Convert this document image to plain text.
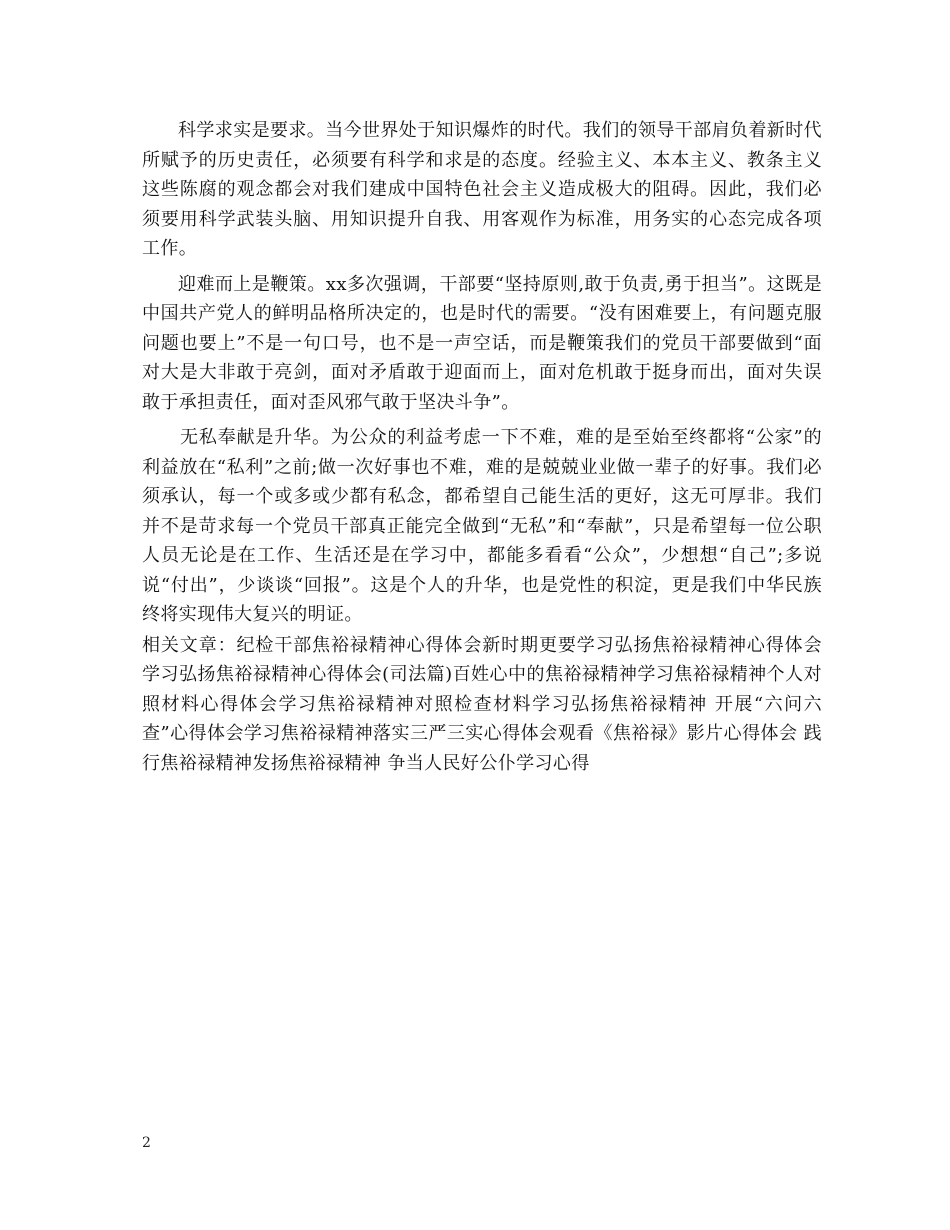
科学求实是要求。当今世界处于知识爆炸的时代。我们的领导干部肩负着新时代所赋予的历史责任，必须要有科学和求是的态度。经验主义、本本主义、教条主义这些陈腐的观念都会对我们建成中国特色社会主义造成极大的阻碍。因此，我们必须要用科学武装头脑、用知识提升自我、用客观作为标准，用务实的心态完成各项工作。

迎难而上是鞭策。xx多次强调，干部要“坚持原则,敢于负责,勇于担当”。这既是中国共产党人的鲜明品格所决定的，也是时代的需要。“没有困难要上，有问题克服问题也要上”不是一句口号，也不是一声空话，而是鞭策我们的党员干部要做到“面对大是大非敢于亮剑，面对矛盾敢于迎面而上，面对危机敢于挺身而出，面对失误敢于承担责任，面对歪风邪气敢于坚决斗争”。

无私奉献是升华。为公众的利益考虑一下不难，难的是至始至终都将“公家”的利益放在“私利”之前;做一次好事也不难，难的是兢兢业业做一辈子的好事。我们必须承认，每一个或多或少都有私念，都希望自己能生活的更好，这无可厚非。我们并不是苛求每一个党员干部真正能完全做到“无私”和“奉献”，只是希望每一位公职人员无论是在工作、生活还是在学习中，都能多看看“公众”，少想想“自己”;多说说“付出”，少谈谈“回报”。这是个人的升华，也是党性的积淀，更是我们中华民族终将实现伟大复兴的明证。

相关文章：纪检干部焦裕禄精神心得体会新时期更要学习弘扬焦裕禄精神心得体会学习弘扬焦裕禄精神心得体会(司法篇)百姓心中的焦裕禄精神学习焦裕禄精神个人对照材料心得体会学习焦裕禄精神对照检查材料学习弘扬焦裕禄精神 开展“六问六查”心得体会学习焦裕禄精神落实三严三实心得体会观看《焦裕禄》影片心得体会 践行焦裕禄精神发扬焦裕禄精神 争当人民好公仆学习心得

2
